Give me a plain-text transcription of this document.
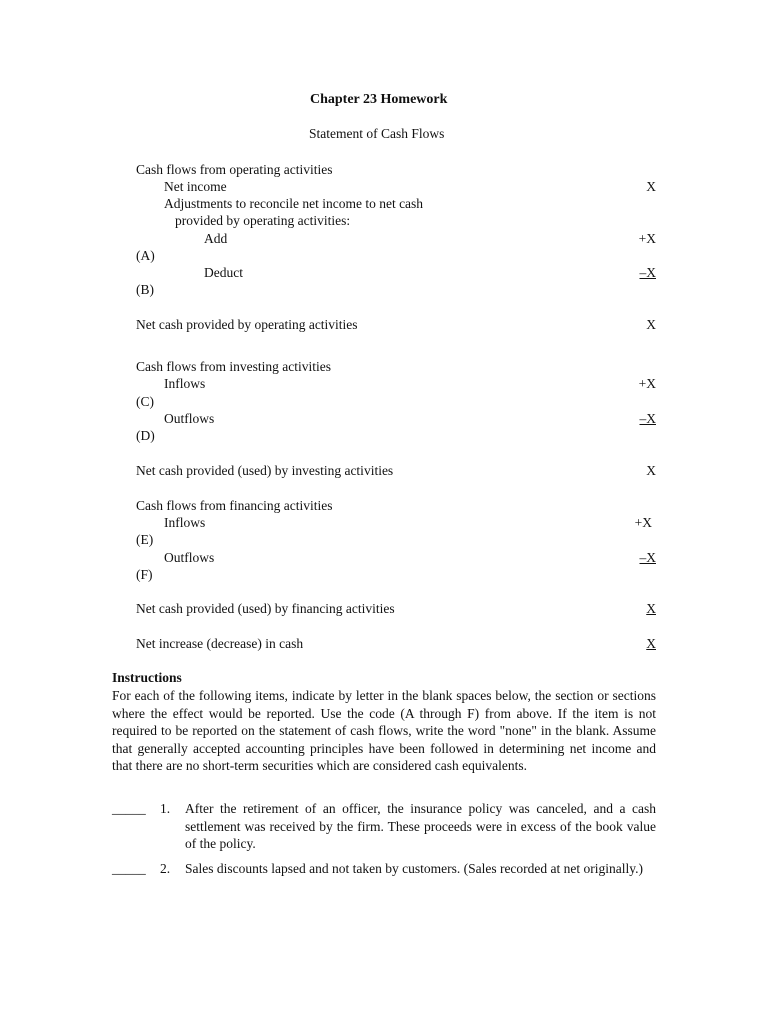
Chapter 23 Homework
Statement of Cash Flows
Cash flows from operating activities
Net income	X
Adjustments to reconcile net income to net cash
provided by operating activities:
Add	+X
(A)
Deduct	–X
(B)
Net cash provided by operating activities	X
Cash flows from investing activities
Inflows	+X
(C)
Outflows	–X
(D)
Net cash provided (used) by investing activities	X
Cash flows from financing activities
Inflows	+X
(E)
Outflows	–X
(F)
Net cash provided (used) by financing activities	X
Net increase (decrease) in cash	X
Instructions
For each of the following items, indicate by letter in the blank spaces below, the section or sections where the effect would be reported. Use the code (A through F) from above. If the item is not required to be reported on the statement of cash flows, write the word "none" in the blank. Assume that generally accepted accounting principles have been followed in determining net income and that there are no short-term securities which are considered cash equivalents.
_____ 1. After the retirement of an officer, the insurance policy was canceled, and a cash settlement was received by the firm. These proceeds were in excess of the book value of the policy.
_____ 2. Sales discounts lapsed and not taken by customers. (Sales recorded at net originally.)
